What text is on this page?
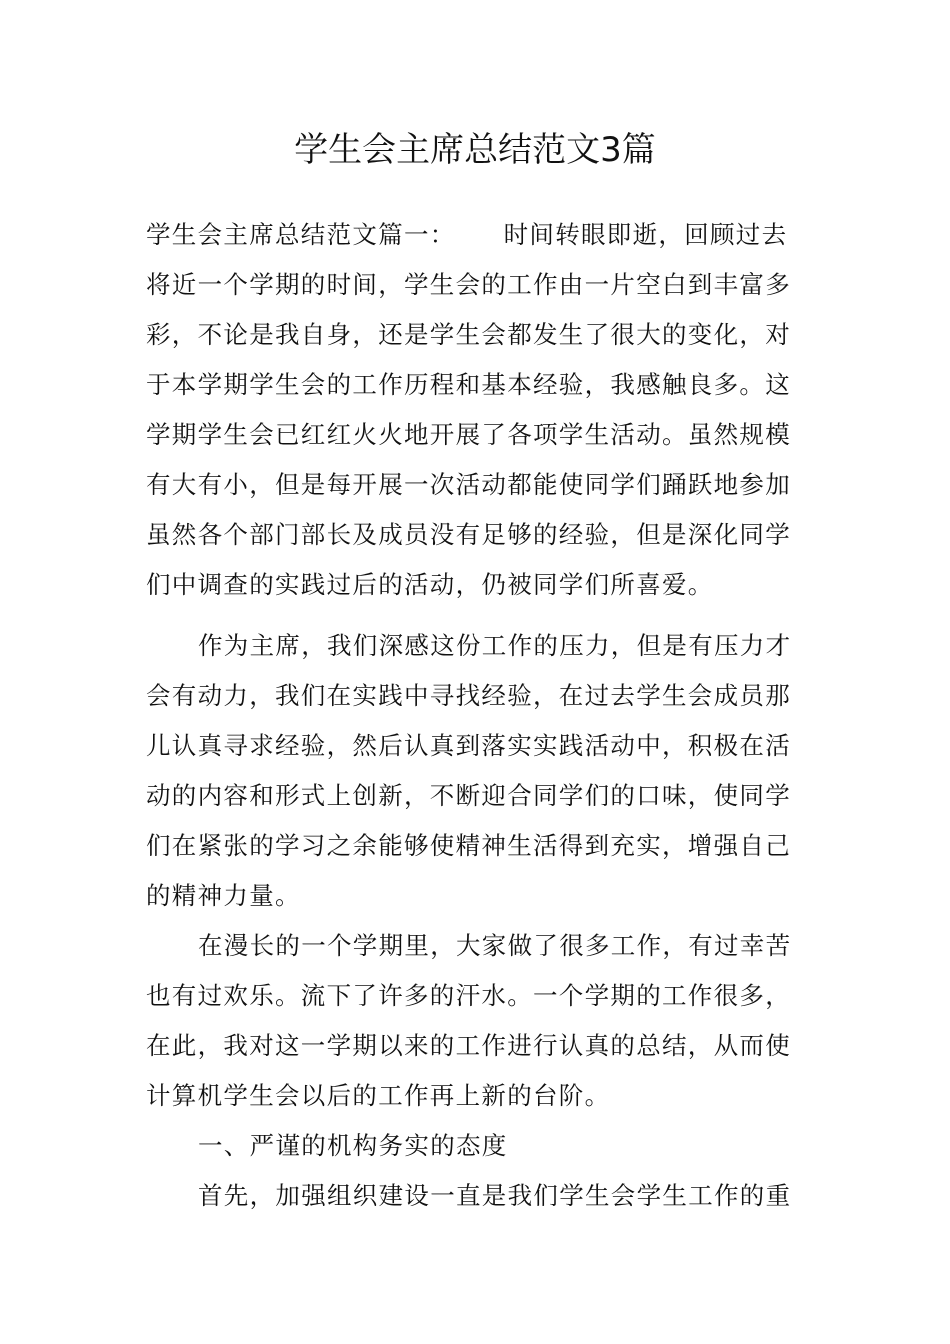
学生会主席总结范文3篇
学生会主席总结范文篇一： 时间转眼即逝，回顾过去
将近一个学期的时间，学生会的工作由一片空白到丰富多
彩，不论是我自身，还是学生会都发生了很大的变化，对
于本学期学生会的工作历程和基本经验，我感触良多。这
学期学生会已红红火火地开展了各项学生活动。虽然规模
有大有小，但是每开展一次活动都能使同学们踊跃地参加
虽然各个部门部长及成员没有足够的经验，但是深化同学
们中调查的实践过后的活动，仍被同学们所喜爱。
作为主席，我们深感这份工作的压力，但是有压力才
会有动力，我们在实践中寻找经验，在过去学生会成员那
儿认真寻求经验，然后认真到落实实践活动中，积极在活
动的内容和形式上创新，不断迎合同学们的口味，使同学
们在紧张的学习之余能够使精神生活得到充实，增强自己
的精神力量。
在漫长的一个学期里，大家做了很多工作，有过幸苦
也有过欢乐。流下了许多的汗水。一个学期的工作很多，
在此，我对这一学期以来的工作进行认真的总结，从而使
计算机学生会以后的工作再上新的台阶。
一、严谨的机构务实的态度
首先，加强组织建设一直是我们学生会学生工作的重
